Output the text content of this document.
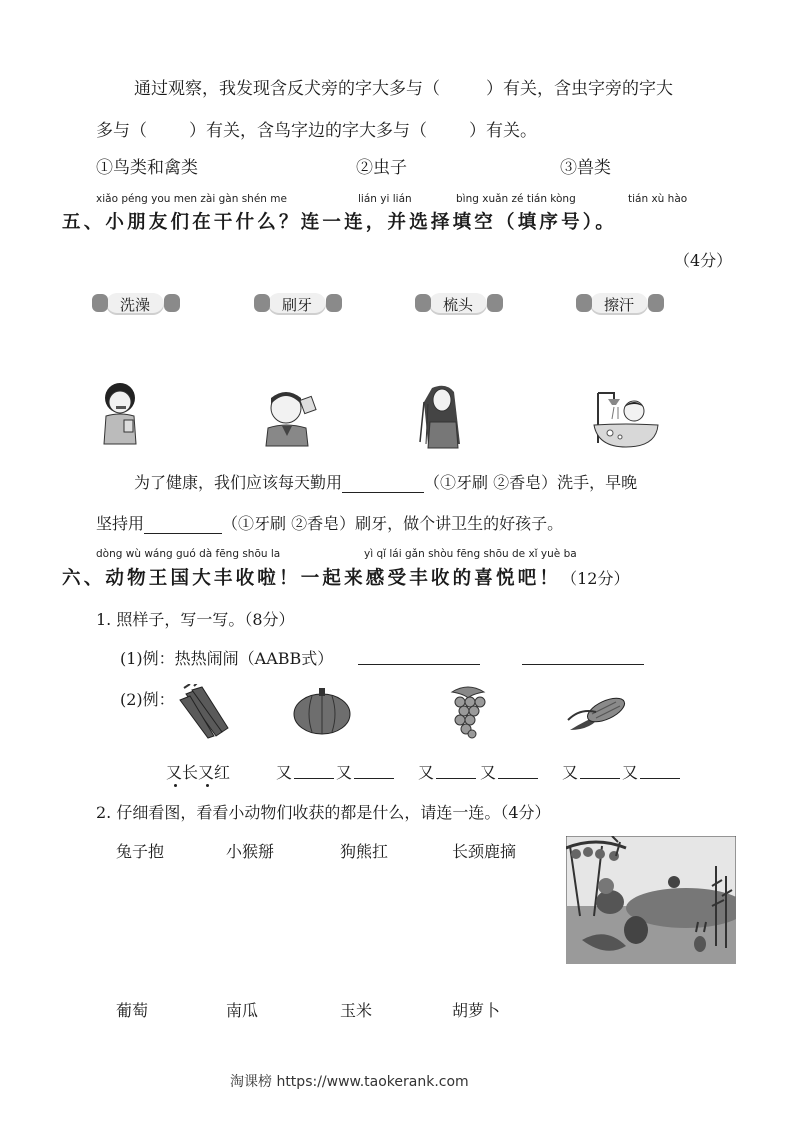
通过观察，我发现含反犬旁的字大多与（	）有关，含虫字旁的字大
多与（ ）有关，含鸟字边的字大多与（ ）有关。
①鸟类和禽类	②虫子	③兽类
xiǎo péng you men zài gàn shén me	lián yi lián	bìng xuǎn zé tián kòng	tián xù hào
五、小朋友们在干什么？连一连，并选择填空（填序号）。
（4分）
洗澡	刷牙	梳头	擦汗
为了健康，我们应该每天勤用	（①牙刷 ②香皂）洗手，早晚
坚持用	（①牙刷 ②香皂）刷牙，做个讲卫生的好孩子。
dòng wù wáng guó dà fēng shōu la	yì qǐ lái gǎn shòu fēng shōu de xǐ yuè ba
六、动物王国大丰收啦！一起来感受丰收的喜悦吧！（12分）
1. 照样子，写一写。（8分）
(1)例：热热闹闹（AABB式）
(2)例：
又长又红	又	又	又	又	又	又
2. 仔细看图，看看小动物们收获的都是什么，请连一连。（4分）
兔子抱	小猴掰	狗熊扛	长颈鹿摘
葡萄	南瓜	玉米	胡萝卜
淘课榜 https://www.taokerank.com
